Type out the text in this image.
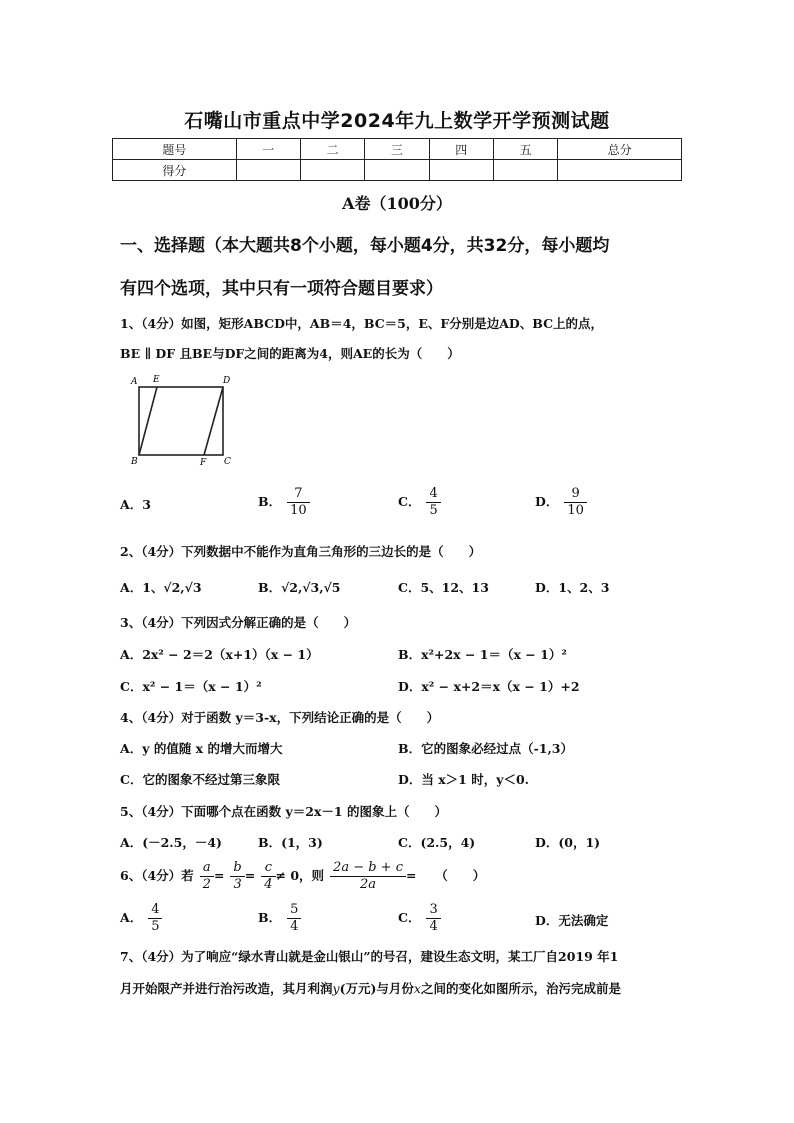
石嘴山市重点中学2024年九上数学开学预测试题
题号	一	二	三	四	五	总分
得分						
A卷（100分）
一、选择题（本大题共8个小题，每小题4分，共32分，每小题均
有四个选项，其中只有一项符合题目要求）
1、（4分）如图，矩形ABCD中，AB＝4，BC＝5，E、F分别是边AD、BC上的点，
BE ∥ DF 且BE与DF之间的距离为4，则AE的长为（　　）
A E	D
B	F C
A．3	B． $\frac{7}{10}$	C． $\frac{4}{5}$	D． $\frac{9}{10}$
2、（4分）下列数据中不能作为直角三角形的三边长的是（　　）
A．1、√2,√3	B．√2,√3,√5	C．5、12、13	D．1、2、3
3、（4分）下列因式分解正确的是（　　）
A．2x² − 2＝2（x+1）（x − 1）	B．x²+2x − 1＝（x − 1）²
C．x² − 1＝（x − 1）²	D．x² − x+2＝x（x − 1）+2
4、（4分）对于函数 y＝3-x，下列结论正确的是（　　）
A．y 的值随 x 的增大而增大	B．它的图象必经过点（-1,3）
C．它的图象不经过第三象限	D．当 x＞1 时，y＜0.
5、（4分）下面哪个点在函数 y＝2x－1 的图象上（　　）
A．(－2.5，－4)	B．(1，3)	C．(2.5，4)	D．(0，1)
6、（4分）若 $\frac{a}{2} = \frac{b}{3} = \frac{c}{4} \ne 0$，则 $\frac{2a - b + c}{2a}$ =　　（　　）
A． $\frac{4}{5}$	B． $\frac{5}{4}$	C． $\frac{3}{4}$	D．无法确定
7、（4分）为了响应“绿水青山就是金山银山”的号召，建设生态文明，某工厂自2019 年1
月开始限产并进行治污改造，其月利润y(万元)与月份x之间的变化如图所示，治污完成前是
